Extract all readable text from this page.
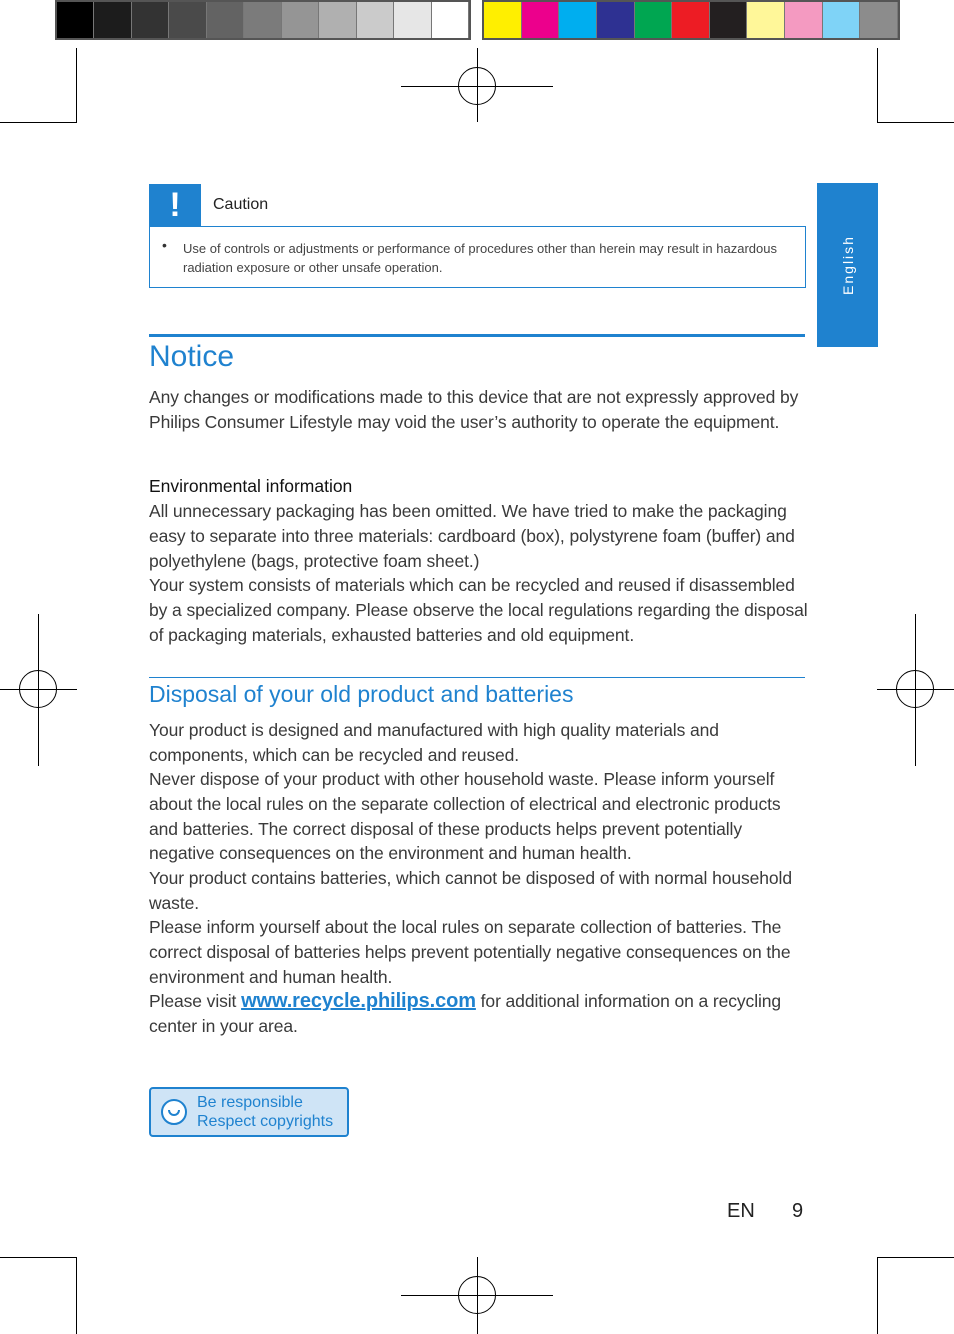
English
! Caution
• Use of controls or adjustments or performance of procedures other than herein may result in hazardous radiation exposure or other unsafe operation.
Notice

Any changes or modifications made to this device that are not expressly approved by Philips Consumer Lifestyle may void the user’s authority to operate the equipment.

Environmental information

All unnecessary packaging has been omitted. We have tried to make the packaging easy to separate into three materials: cardboard (box), polystyrene foam (buffer) and polyethylene (bags, protective foam sheet.)

Your system consists of materials which can be recycled and reused if disassembled by a specialized company. Please observe the local regulations regarding the disposal of packaging materials, exhausted batteries and old equipment.

Disposal of your old product and batteries

Your product is designed and manufactured with high quality materials and components, which can be recycled and reused.

Never dispose of your product with other household waste. Please inform yourself about the local rules on the separate collection of electrical and electronic products and batteries. The correct disposal of these products helps prevent potentially negative consequences on the environment and human health.

Your product contains batteries, which cannot be disposed of with normal household waste.

Please inform yourself about the local rules on separate collection of batteries. The correct disposal of batteries helps prevent potentially negative consequences on the environment and human health.

Please visit www.recycle.philips.com for additional information on a recycling center in your area.

Be responsible
Respect copyrights
EN 9
